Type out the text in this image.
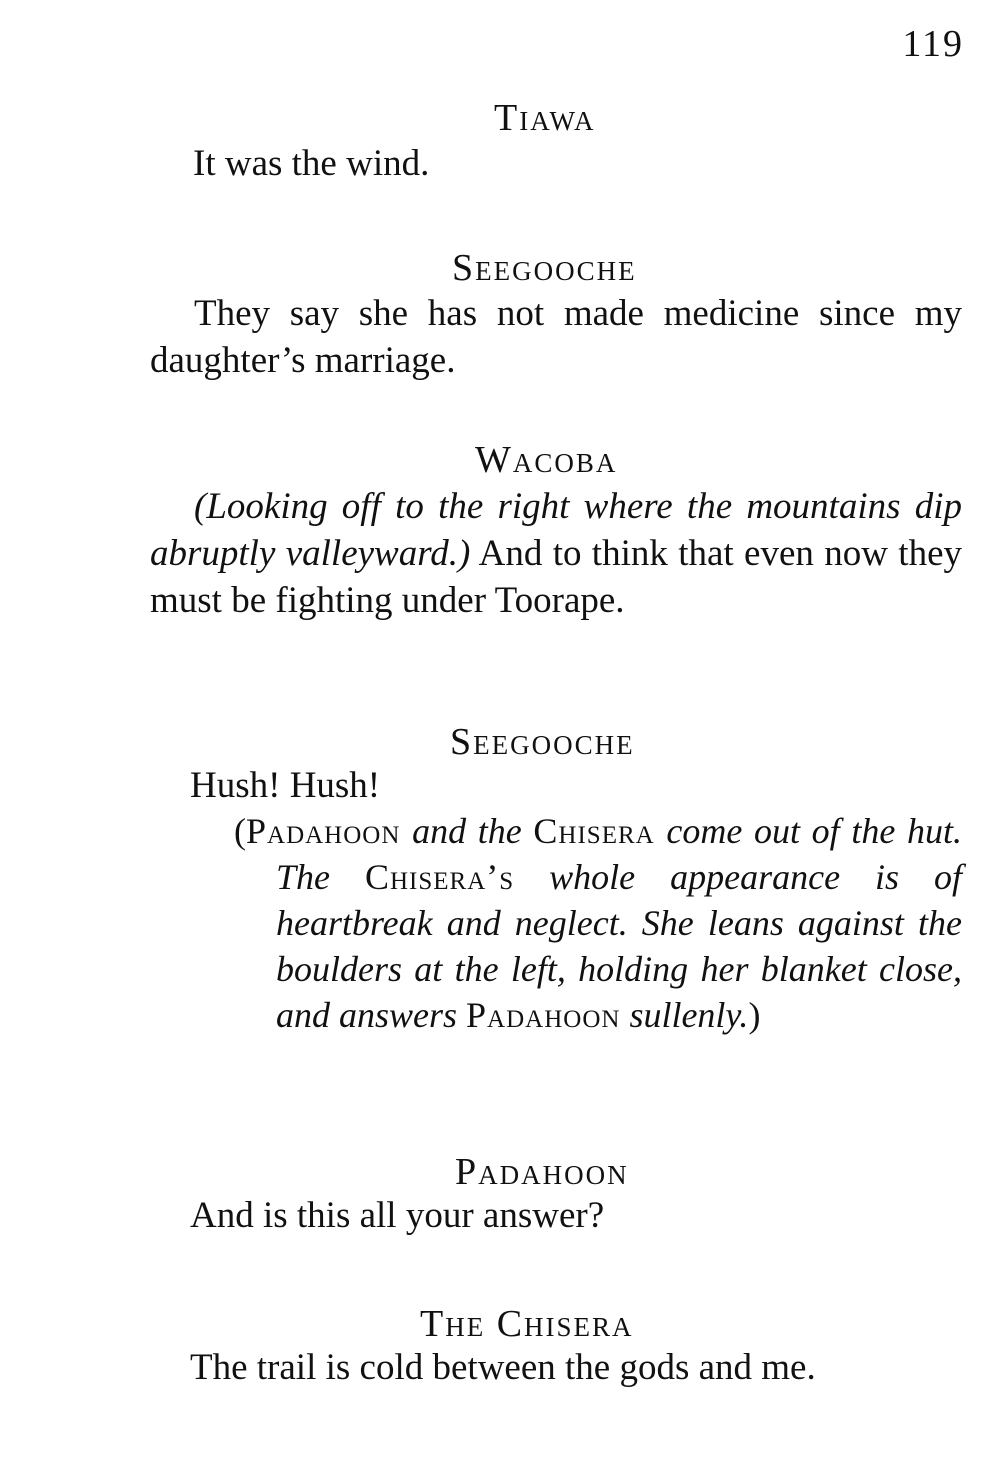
119
Tiawa
It was the wind.
Seegooche
They say she has not made medicine since my daughter’s marriage.
Wacoba
(Looking off to the right where the mountains dip abruptly valleyward.) And to think that even now they must be fighting under Toorape.
Seegooche
Hush! Hush!
(Padahoon and the Chisera come out of the hut. The Chisera’s whole appearance is of heartbreak and neglect. She leans against the boulders at the left, holding her blanket close, and answers Padahoon sullenly.)
Padahoon
And is this all your answer?
The Chisera
The trail is cold between the gods and me.
